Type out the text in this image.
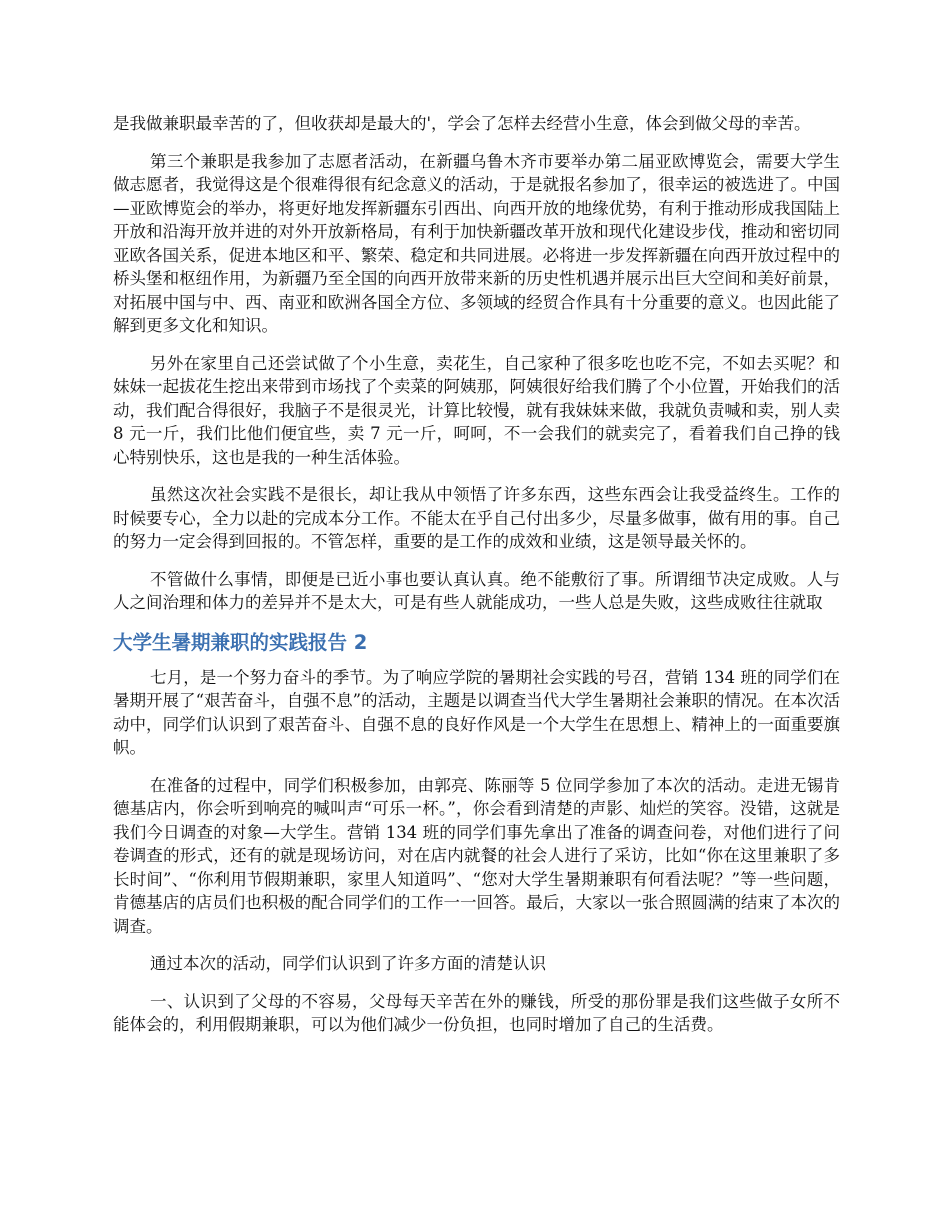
是我做兼职最幸苦的了，但收获却是最大的'，学会了怎样去经营小生意，体会到做父母的幸苦。

第三个兼职是我参加了志愿者活动，在新疆乌鲁木齐市要举办第二届亚欧博览会，需要大学生做志愿者，我觉得这是个很难得很有纪念意义的活动，于是就报名参加了，很幸运的被选进了。中国—亚欧博览会的举办，将更好地发挥新疆东引西出、向西开放的地缘优势，有利于推动形成我国陆上开放和沿海开放并进的对外开放新格局，有利于加快新疆改革开放和现代化建设步伐，推动和密切同亚欧各国关系，促进本地区和平、繁荣、稳定和共同进展。必将进一步发挥新疆在向西开放过程中的桥头堡和枢纽作用，为新疆乃至全国的向西开放带来新的历史性机遇并展示出巨大空间和美好前景，对拓展中国与中、西、南亚和欧洲各国全方位、多领域的经贸合作具有十分重要的意义。也因此能了解到更多文化和知识。

另外在家里自己还尝试做了个小生意，卖花生，自己家种了很多吃也吃不完，不如去买呢？和妹妹一起拔花生挖出来带到市场找了个卖菜的阿姨那，阿姨很好给我们腾了个小位置，开始我们的活动，我们配合得很好，我脑子不是很灵光，计算比较慢，就有我妹妹来做，我就负责喊和卖，别人卖 8 元一斤，我们比他们便宜些，卖 7 元一斤，呵呵，不一会我们的就卖完了，看着我们自己挣的钱心特别快乐，这也是我的一种生活体验。

虽然这次社会实践不是很长，却让我从中领悟了许多东西，这些东西会让我受益终生。工作的时候要专心，全力以赴的完成本分工作。不能太在乎自己付出多少，尽量多做事，做有用的事。自己的努力一定会得到回报的。不管怎样，重要的是工作的成效和业绩，这是领导最关怀的。

不管做什么事情，即便是已近小事也要认真认真。绝不能敷衍了事。所谓细节决定成败。人与人之间治理和体力的差异并不是太大，可是有些人就能成功，一些人总是失败，这些成败往往就取

大学生暑期兼职的实践报告 2

七月，是一个努力奋斗的季节。为了响应学院的暑期社会实践的号召，营销 134 班的同学们在暑期开展了“艰苦奋斗，自强不息”的活动，主题是以调查当代大学生暑期社会兼职的情况。在本次活动中，同学们认识到了艰苦奋斗、自强不息的良好作风是一个大学生在思想上、精神上的一面重要旗帜。

在准备的过程中，同学们积极参加，由郭亮、陈丽等 5 位同学参加了本次的活动。走进无锡肯德基店内，你会听到响亮的喊叫声“可乐一杯。”，你会看到清楚的声影、灿烂的笑容。没错，这就是我们今日调查的对象—大学生。营销 134 班的同学们事先拿出了准备的调查问卷，对他们进行了问卷调查的形式，还有的就是现场访问，对在店内就餐的社会人进行了采访，比如“你在这里兼职了多长时间”、“你利用节假期兼职，家里人知道吗”、“您对大学生暑期兼职有何看法呢？”等一些问题，肯德基店的店员们也积极的配合同学们的工作一一回答。最后，大家以一张合照圆满的结束了本次的调查。

通过本次的活动，同学们认识到了许多方面的清楚认识

一、认识到了父母的不容易，父母每天辛苦在外的赚钱，所受的那份罪是我们这些做子女所不能体会的，利用假期兼职，可以为他们减少一份负担，也同时增加了自己的生活费。
